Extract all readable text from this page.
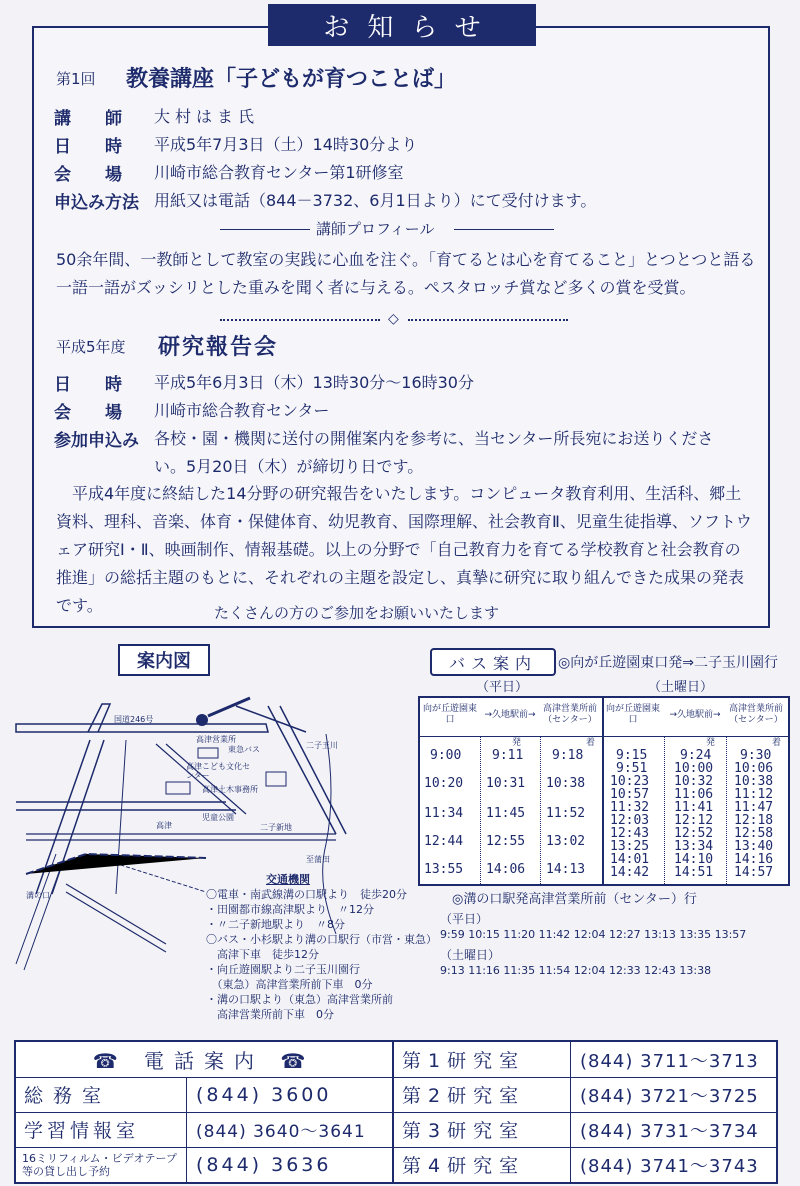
第1回 教養講座「子どもが育つことば」
講　　師 大村はま氏
日　　時 平成5年7月3日（土）14時30分より
会　　場 川崎市総合教育センター第1研修室
申込み方法 用紙又は電話（844－3732、6月1日より）にて受付けます。
講師プロフィール
50余年間、一教師として教室の実践に心血を注ぐ。「育てるとは心を育てること」とつとつと語る一語一語がズッシリとした重みを聞く者に与える。ペスタロッチ賞など多くの賞を受賞。
◇
平成5年度 研究報告会
日　　時 平成5年6月3日（木）13時30分～16時30分
会　　場 川崎市総合教育センター
参加申込み 各校・園・機関に送付の開催案内を参考に、当センター所長宛にお送りくださ
い。5月20日（木）が締切り日です。
平成4年度に終結した14分野の研究報告をいたします。コンピュータ教育利用、生活科、郷土資料、理科、音楽、体育・保健体育、幼児教育、国際理解、社会教育Ⅱ、児童生徒指導、ソフトウェア研究Ⅰ・Ⅱ、映画制作、情報基礎。以上の分野で「自己教育力を育てる学校教育と社会教育の推進」の総括主題のもとに、それぞれの主題を設定し、真摯に研究に取り組んできた成果の発表です。	たくさんの方のご参加をお願いいたします
お知らせ
案内図
国道246号
高津営業所
高津こども文化センター
東急バス
高津土木事務所
児童公園
二子新地
高津
溝の口
至蒲田
二子玉川
交通機関
〇電車・南武線溝の口駅より　徒歩20分
・田園都市線高津駅より　〃12分
・〃二子新地駅より　〃8分
〇バス・小杉駅より溝の口駅行（市営・東急）
　高津下車　徒歩12分
・向丘遊園駅より二子玉川園行
　（東急）高津営業所前下車　0分
・溝の口駅より（東急）高津営業所前
　高津営業所前下車　0分
バス案内	◎向が丘遊園東口発⇒二子玉川園行
（平日）	（土曜日）
向が丘遊園東口	→久地駅前→
高津営業所前（センター）
向が丘遊園東口	→久地駅前→
高津営業所前（センター）
発	着	発	着
9:00 9:11 9:18
10:20 10:31 10:38
11:34 11:45 11:52
12:44 12:55 13:02
13:55 14:06 14:13
9:15	9:24 9:30
9:51 10:00 10:06
10:23 10:32 10:38
10:57 11:06 11:12
11:32 11:41 11:47
12:03 12:12 12:18
12:43 12:52 12:58
13:25 13:34 13:40
14:01 14:10 14:16
14:42 14:51 14:57
◎溝の口駅発高津営業所前（センター）行
（平日）
9:59 10:15 11:20 11:42 12:04 12:27 13:13 13:35 13:57
（土曜日）
9:13 11:16 11:35 11:54 12:04 12:33 12:43 13:38
☎ 電話案内 ☎
総務室	(844) 3600
学習情報室	(844) 3640～3641
16ミリフィルム・ビデオテープ等の貸し出し予約	(844) 3636
第1研究室	(844) 3711～3713
第2研究室	(844) 3721～3725
第3研究室	(844) 3731～3734
第4研究室	(844) 3741～3743
